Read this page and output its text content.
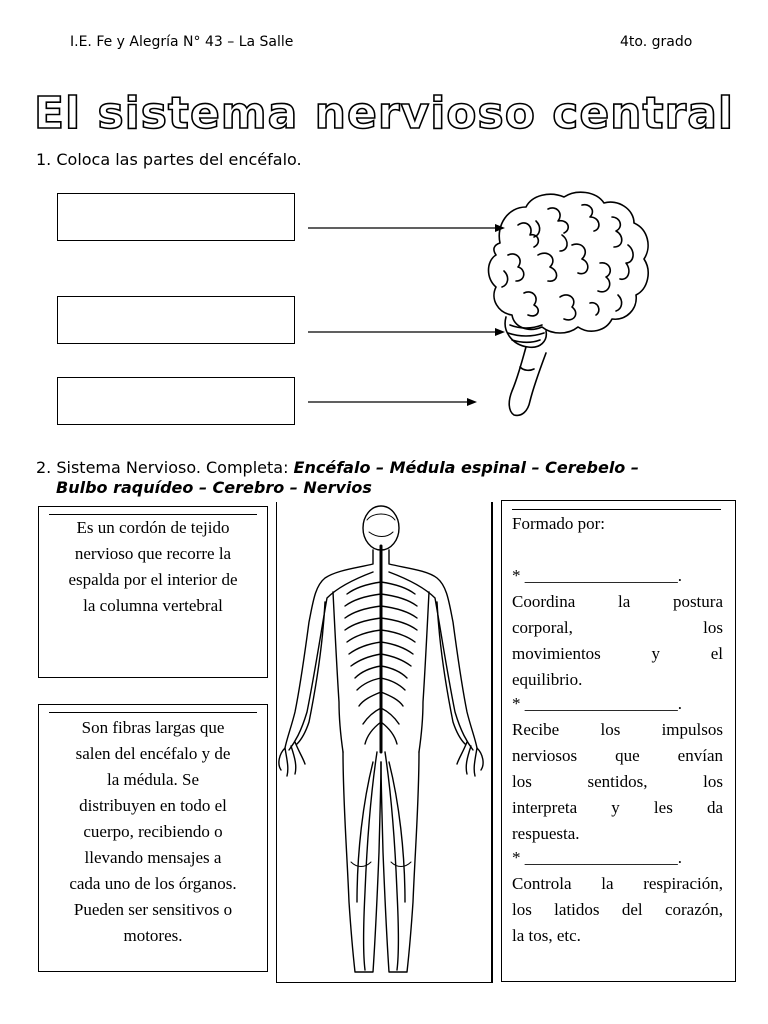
I.E. Fe y Alegría N° 43 – La Salle	4to. grado
El sistema nervioso central
1. Coloca las partes del encéfalo.
2. Sistema Nervioso. Completa: Encéfalo – Médula espinal – Cerebelo –
Bulbo raquídeo – Cerebro – Nervios
Es un cordón de tejido
nervioso que recorre la
espalda por el interior de
la columna vertebral
Son fibras largas que
salen del encéfalo y de
la médula. Se
distribuyen en todo el
cuerpo, recibiendo o
llevando mensajes a
cada uno de los órganos.
Pueden ser sensitivos o
motores.
Formado por:
* __________________.
Coordina la postura
corporal, los
movimientos y el
equilibrio.
* __________________.
Recibe los impulsos
nerviosos que envían
los sentidos, los
interpreta y les da
respuesta.
* __________________.
Controla la respiración,
los latidos del corazón,
la tos, etc.
